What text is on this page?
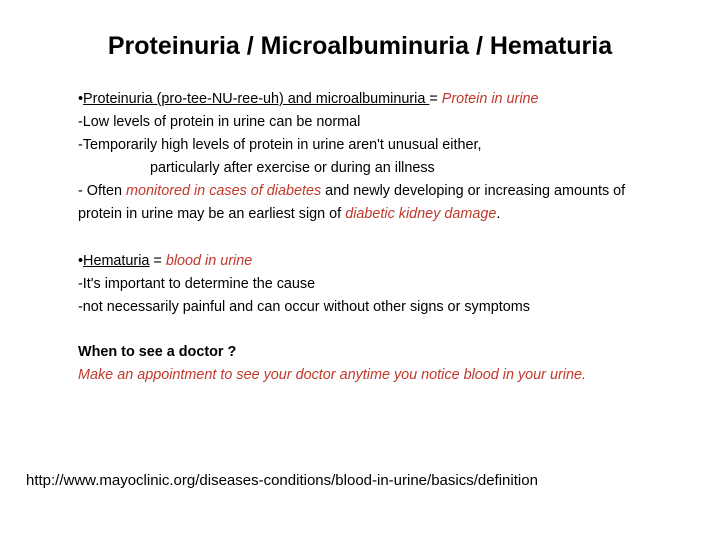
Proteinuria / Microalbuminuria / Hematuria
•Proteinuria (pro-tee-NU-ree-uh) and microalbuminuria = Protein in urine
-Low levels of protein in urine can be normal
-Temporarily high levels of protein in urine aren't unusual either,
particularly after exercise or during an illness
- Often monitored in cases of diabetes and newly developing or increasing amounts of protein in urine may be an earliest sign of diabetic kidney damage.
•Hematuria = blood in urine
-It's important to determine the cause
-not necessarily painful and can occur without other signs or symptoms
When to see a doctor ?
Make an appointment to see your doctor anytime you notice blood in your urine.
http://www.mayoclinic.org/diseases-conditions/blood-in-urine/basics/definition
